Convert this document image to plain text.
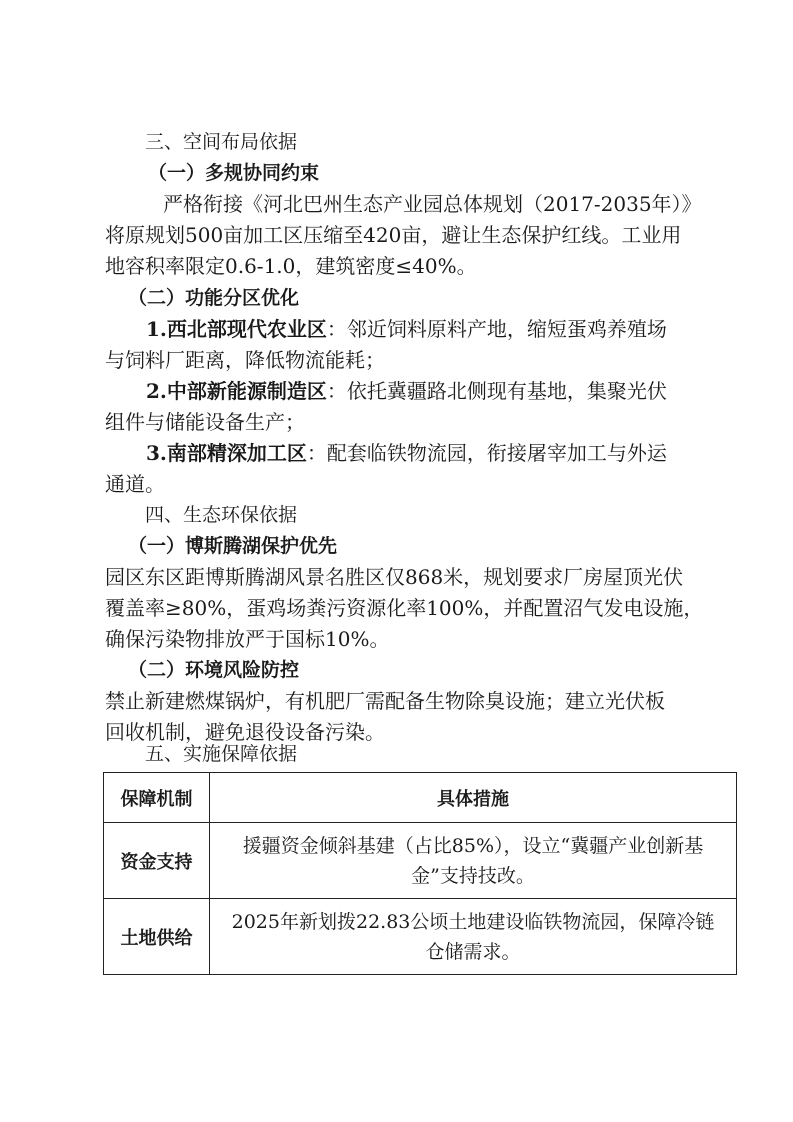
三、空间布局依据
（一）多规协同约束
严格衔接《河北巴州生态产业园总体规划（2017-2035年）》
将原规划500亩加工区压缩至420亩，避让生态保护红线。工业用
地容积率限定0.6-1.0，建筑密度≤40%。
（二）功能分区优化
1.西北部现代农业区：邻近饲料原料产地，缩短蛋鸡养殖场
与饲料厂距离，降低物流能耗；
2.中部新能源制造区：依托冀疆路北侧现有基地，集聚光伏
组件与储能设备生产；
3.南部精深加工区：配套临铁物流园，衔接屠宰加工与外运
通道。
四、生态环保依据
（一）博斯腾湖保护优先
园区东区距博斯腾湖风景名胜区仅868米，规划要求厂房屋顶光伏
覆盖率≥80%，蛋鸡场粪污资源化率100%，并配置沼气发电设施，
确保污染物排放严于国标10%。
（二）环境风险防控
禁止新建燃煤锅炉，有机肥厂需配备生物除臭设施；建立光伏板
回收机制，避免退役设备污染。
五、实施保障依据
保障机制	具体措施
资金支持	援疆资金倾斜基建（占比85%），设立“冀疆产业创新基
金”支持技改。

土地供给	2025年新划拨22.83公顷土地建设临铁物流园，保障冷链
仓储需求。
